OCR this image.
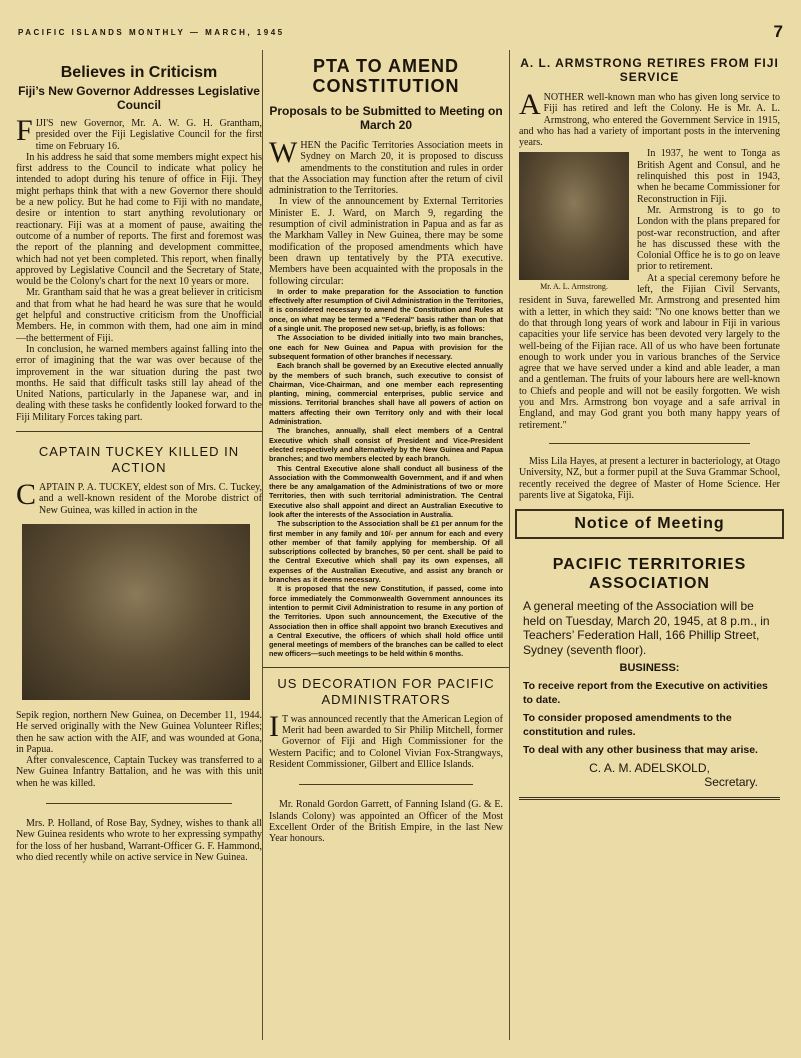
PACIFIC ISLANDS MONTHLY — MARCH, 1945	7
Believes in Criticism
Fiji’s New Governor Addresses Legislative Council

FIJI'S new Governor, Mr. A. W. G. H. Grantham, presided over the Fiji Legislative Council for the first time on February 16.

In his address he said that some members might expect his first address to the Council to indicate what policy he intended to adopt during his tenure of office in Fiji. They might perhaps think that with a new Governor there should be a new policy. But he had come to Fiji with no mandate, desire or intention to start anything revolutionary or reactionary. Fiji was at a moment of pause, awaiting the outcome of a number of reports. The first and foremost was the report of the planning and development committee, which had not yet been completed. This report, when finally approved by Legislative Council and the Secretary of State, would be the Colony's chart for the next 10 years or more.

Mr. Grantham said that he was a great believer in criticism and that from what he had heard he was sure that he would get helpful and constructive criticism from the Unofficial Members. He, in common with them, had one aim in mind —the betterment of Fiji.

In conclusion, he warned members against falling into the error of imagining that the war was over because of the improvement in the war situation during the past two months. He said that difficult tasks still lay ahead of the United Nations, particularly in the Japanese war, and in dealing with these tasks he confidently looked forward to the Fiji Military Forces taking part.

CAPTAIN TUCKEY KILLED IN ACTION

CAPTAIN P. A. TUCKEY, eldest son of Mrs. C. Tuckey, and a well-known resident of the Morobe district of New Guinea, was killed in action in the

Sepik region, northern New Guinea, on December 11, 1944. He served originally with the New Guinea Volunteer Rifles; then he saw action with the AIF, and was wounded at Gona, in Papua.

After convalescence, Captain Tuckey was transferred to a New Guinea Infantry Battalion, and he was with this unit when he was killed.

Mrs. P. Holland, of Rose Bay, Sydney, wishes to thank all New Guinea residents who wrote to her expressing sympathy for the loss of her husband, Warrant-Officer G. F. Hammond, who died recently while on active service in New Guinea.

PTA TO AMEND CONSTITUTION
Proposals to be Submitted to Meeting on March 20

WHEN the Pacific Territories Association meets in Sydney on March 20, it is proposed to discuss amendments to the constitution and rules in order that the Association may function after the return of civil administration to the Territories.

In view of the announcement by External Territories Minister E. J. Ward, on March 9, regarding the resumption of civil administration in Papua and as far as the Markham Valley in New Guinea, there may be some modification of the proposed amendments which have been drawn up tentatively by the PTA executive. Members have been acquainted with the proposals in the following circular:

In order to make preparation for the Association to function effectively after resumption of Civil Administration in the Territories, it is considered necessary to amend the Constitution and Rules at once, on what may be termed a "Federal" basis rather than on that of a single unit. The proposed new set-up, briefly, is as follows:

The Association to be divided initially into two main branches, one each for New Guinea and Papua with provision for the subsequent formation of other branches if necessary.

Each branch shall be governed by an Executive elected annually by the members of such branch, such executive to consist of Chairman, Vice-Chairman, and one member each representing planting, mining, commercial enterprises, public service and missions. Territorial branches shall have all powers of action on matters affecting their own Territory only and with their local Administration.

The branches, annually, shall elect members of a Central Executive which shall consist of President and Vice-President elected respectively and alternatively by the New Guinea and Papua branches; and two members elected by each branch.

This Central Executive alone shall conduct all business of the Association with the Commonwealth Government, and if and when there be any amalgamation of the Administrations of two or more Territories, then with such territorial administration. The Central Executive also shall appoint and direct an Australian Executive to look after the interests of the Association in Australia.

The subscription to the Association shall be £1 per annum for the first member in any family and 10/- per annum for each and every other member of that family applying for membership. Of all subscriptions collected by branches, 50 per cent. shall be paid to the Central Executive which shall pay its own expenses, all expenses of the Australian Executive, and assist any branch or branches as it deems necessary.

It is proposed that the new Constitution, if passed, come into force immediately the Commonwealth Government announces its intention to permit Civil Administration to resume in any portion of the Territories. Upon such announcement, the Executive of the Association then in office shall appoint two branch Executives and a Central Executive, the officers of which shall hold office until general meetings of members of the branches can be called to elect new officers—such meetings to be held within 6 months.

US DECORATION FOR PACIFIC ADMINISTRATORS

I T was announced recently that the American Legion of Merit had been awarded to Sir Philip Mitchell, former Governor of Fiji and High Commissioner for the Western Pacific; and to Colonel Vivian Fox-Strangways, Resident Commissioner, Gilbert and Ellice Islands.

Mr. Ronald Gordon Garrett, of Fanning Island (G. & E. Islands Colony) was appointed an Officer of the Most Excellent Order of the British Empire, in the last New Year honours.

A. L. ARMSTRONG RETIRES FROM FIJI SERVICE

ANOTHER well-known man who has given long service to Fiji has retired and left the Colony. He is Mr. A. L. Armstrong, who entered the Government Service in 1915, and who has had a variety of important posts in the intervening years.

Mr. A. L. Armstrong.

In 1937, he went to Tonga as British Agent and Consul, and he relinquished this post in 1943, when he became Commissioner for Reconstruction in Fiji.

Mr. Armstrong is to go to London with the plans prepared for post-war reconstruction, and after he has discussed these with the Colonial Office he is to go on leave prior to retirement.

At a special ceremony before he left, the Fijian Civil Servants, resident in Suva, farewelled Mr. Armstrong and presented him with a letter, in which they said: "No one knows better than we do that through long years of work and labour in Fiji in various capacities your life service has been devoted very largely to the well-being of the Fijian race. All of us who have been fortunate enough to work under you in various branches of the Service agree that we have served under a kind and able leader, a man and a gentleman. The fruits of your labours here are well-known to Chiefs and people and will not be easily forgotten. We wish you and Mrs. Armstrong bon voyage and a safe arrival in England, and may God grant you both many happy years of retirement."

Miss Lila Hayes, at present a lecturer in bacteriology, at Otago University, NZ, but a former pupil at the Suva Grammar School, recently received the degree of Master of Home Science. Her parents live at Sigatoka, Fiji.

Notice of Meeting
PACIFIC TERRITORIES ASSOCIATION
A general meeting of the Association will be held on Tuesday, March 20, 1945, at 8 p.m., in Teachers’ Federation Hall, 166 Phillip Street, Sydney (seventh floor).
BUSINESS:
To receive report from the Executive on activities to date.
To consider proposed amendments to the constitution and rules.
To deal with any other business that may arise.
C. A. M. ADELSKOLD,
Secretary.
